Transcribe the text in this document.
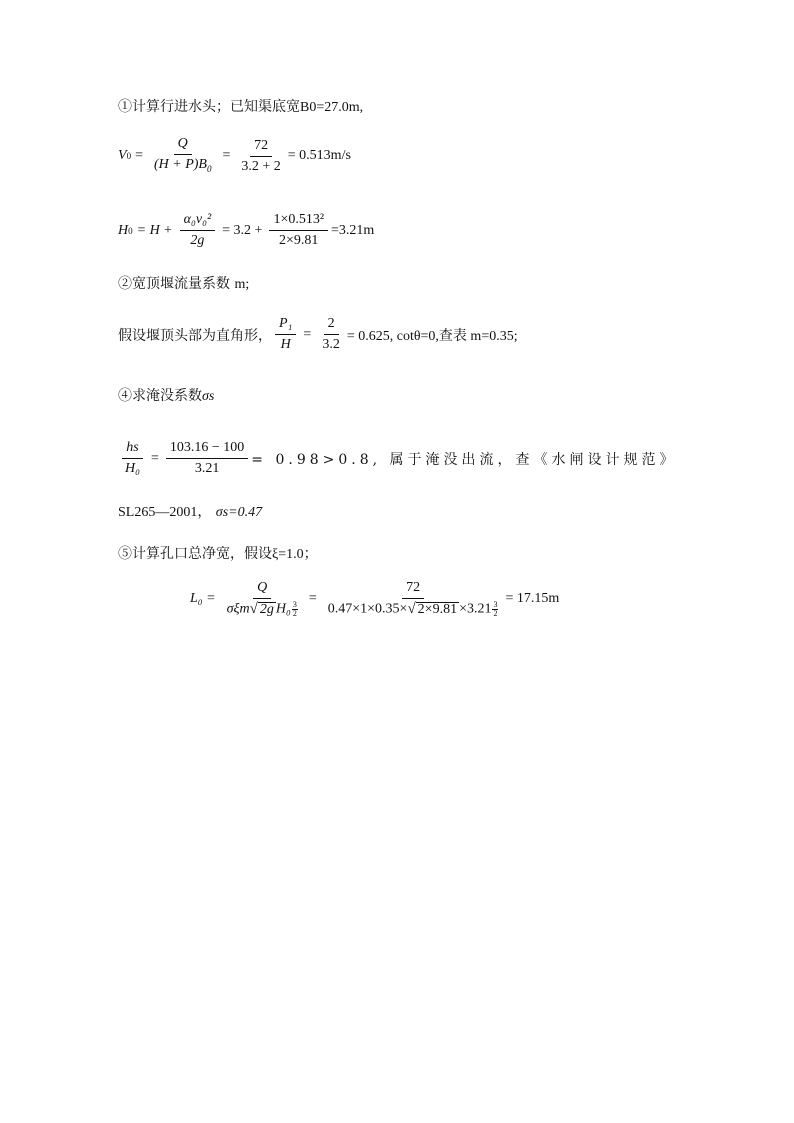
①计算行进水头；已知渠底宽B0=27.0m,
V $0 = \frac{Q}{(H + P)B_0} = \frac{72}{3.2 + 2} = 0.513m/s$
H $0 = H + \frac{\text{α₀v₀²}}{2g} = 3.2 + \frac{\text{1×0.513²}}{2\times 9.81} =3.21m$
②宽顶堰流量系数 m;
假设堰顶头部为直角形， $\frac{\text{P₁}}{H} = \frac{2}{3.2} = 0.625$, cotθ=0,查表 m=0.35;
④求淹没系数σs
$\frac{hs}{\text{H₀}} = \frac{103.16 - 100}{3.21} = 0.98>0.8$, 属于淹没出流，查《水闸设计规范》
SL265—2001， σs=0.47
⑤计算孔口总净宽，假设ξ=1.0；
$L_0 = \frac{Q}{\sigma\xi m √ 2g H_0 \frac{3}{2}} = \frac{72}{0.47\times 1\times 0.35\times √ 2\times 9.81 \times 3.21 \frac{3}{2}} = 17.15m$
